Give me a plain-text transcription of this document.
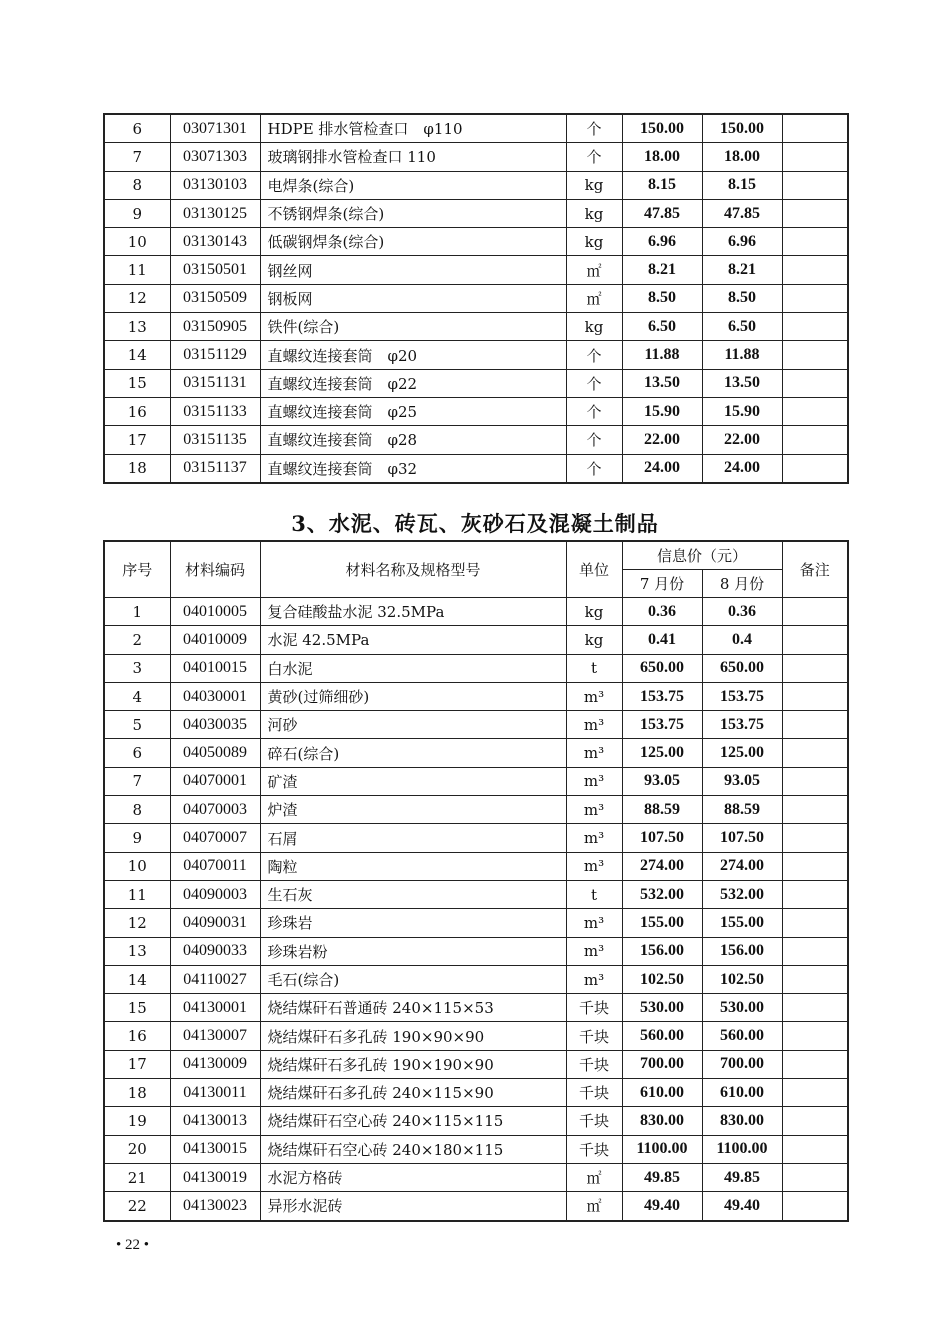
6	03071301	HDPE 排水管检查口　φ110	个	150.00	150.00	
7	03071303	玻璃钢排水管检查口 110	个	18.00	18.00	
8	03130103	电焊条(综合)	kg	8.15	8.15	
9	03130125	不锈钢焊条(综合)	kg	47.85	47.85	
10	03130143	低碳钢焊条(综合)	kg	6.96	6.96	
11	03150501	钢丝网	㎡	8.21	8.21	
12	03150509	钢板网	㎡	8.50	8.50	
13	03150905	铁件(综合)	kg	6.50	6.50	
14	03151129	直螺纹连接套筒　φ20	个	11.88	11.88	
15	03151131	直螺纹连接套筒　φ22	个	13.50	13.50	
16	03151133	直螺纹连接套筒　φ25	个	15.90	15.90	
17	03151135	直螺纹连接套筒　φ28	个	22.00	22.00	
18	03151137	直螺纹连接套筒　φ32	个	24.00	24.00	
3、水泥、砖瓦、灰砂石及混凝土制品
序号	材料编码	材料名称及规格型号	单位	信息价（元）		备注
				7 月份	8 月份	
1	04010005	复合硅酸盐水泥 32.5MPa	kg	0.36	0.36	
2	04010009	水泥 42.5MPa	kg	0.41	0.4	
3	04010015	白水泥	t	650.00	650.00	
4	04030001	黄砂(过筛细砂)	m³	153.75	153.75	
5	04030035	河砂	m³	153.75	153.75	
6	04050089	碎石(综合)	m³	125.00	125.00	
7	04070001	矿渣	m³	93.05	93.05	
8	04070003	炉渣	m³	88.59	88.59	
9	04070007	石屑	m³	107.50	107.50	
10	04070011	陶粒	m³	274.00	274.00	
11	04090003	生石灰	t	532.00	532.00	
12	04090031	珍珠岩	m³	155.00	155.00	
13	04090033	珍珠岩粉	m³	156.00	156.00	
14	04110027	毛石(综合)	m³	102.50	102.50	
15	04130001	烧结煤矸石普通砖 240×115×53	千块	530.00	530.00	
16	04130007	烧结煤矸石多孔砖 190×90×90	千块	560.00	560.00	
17	04130009	烧结煤矸石多孔砖 190×190×90	千块	700.00	700.00	
18	04130011	烧结煤矸石多孔砖 240×115×90	千块	610.00	610.00	
19	04130013	烧结煤矸石空心砖 240×115×115	千块	830.00	830.00	
20	04130015	烧结煤矸石空心砖 240×180×115	千块	1100.00	1100.00	
21	04130019	水泥方格砖	㎡	49.85	49.85	
22	04130023	异形水泥砖	㎡	49.40	49.40	
• 22 •
